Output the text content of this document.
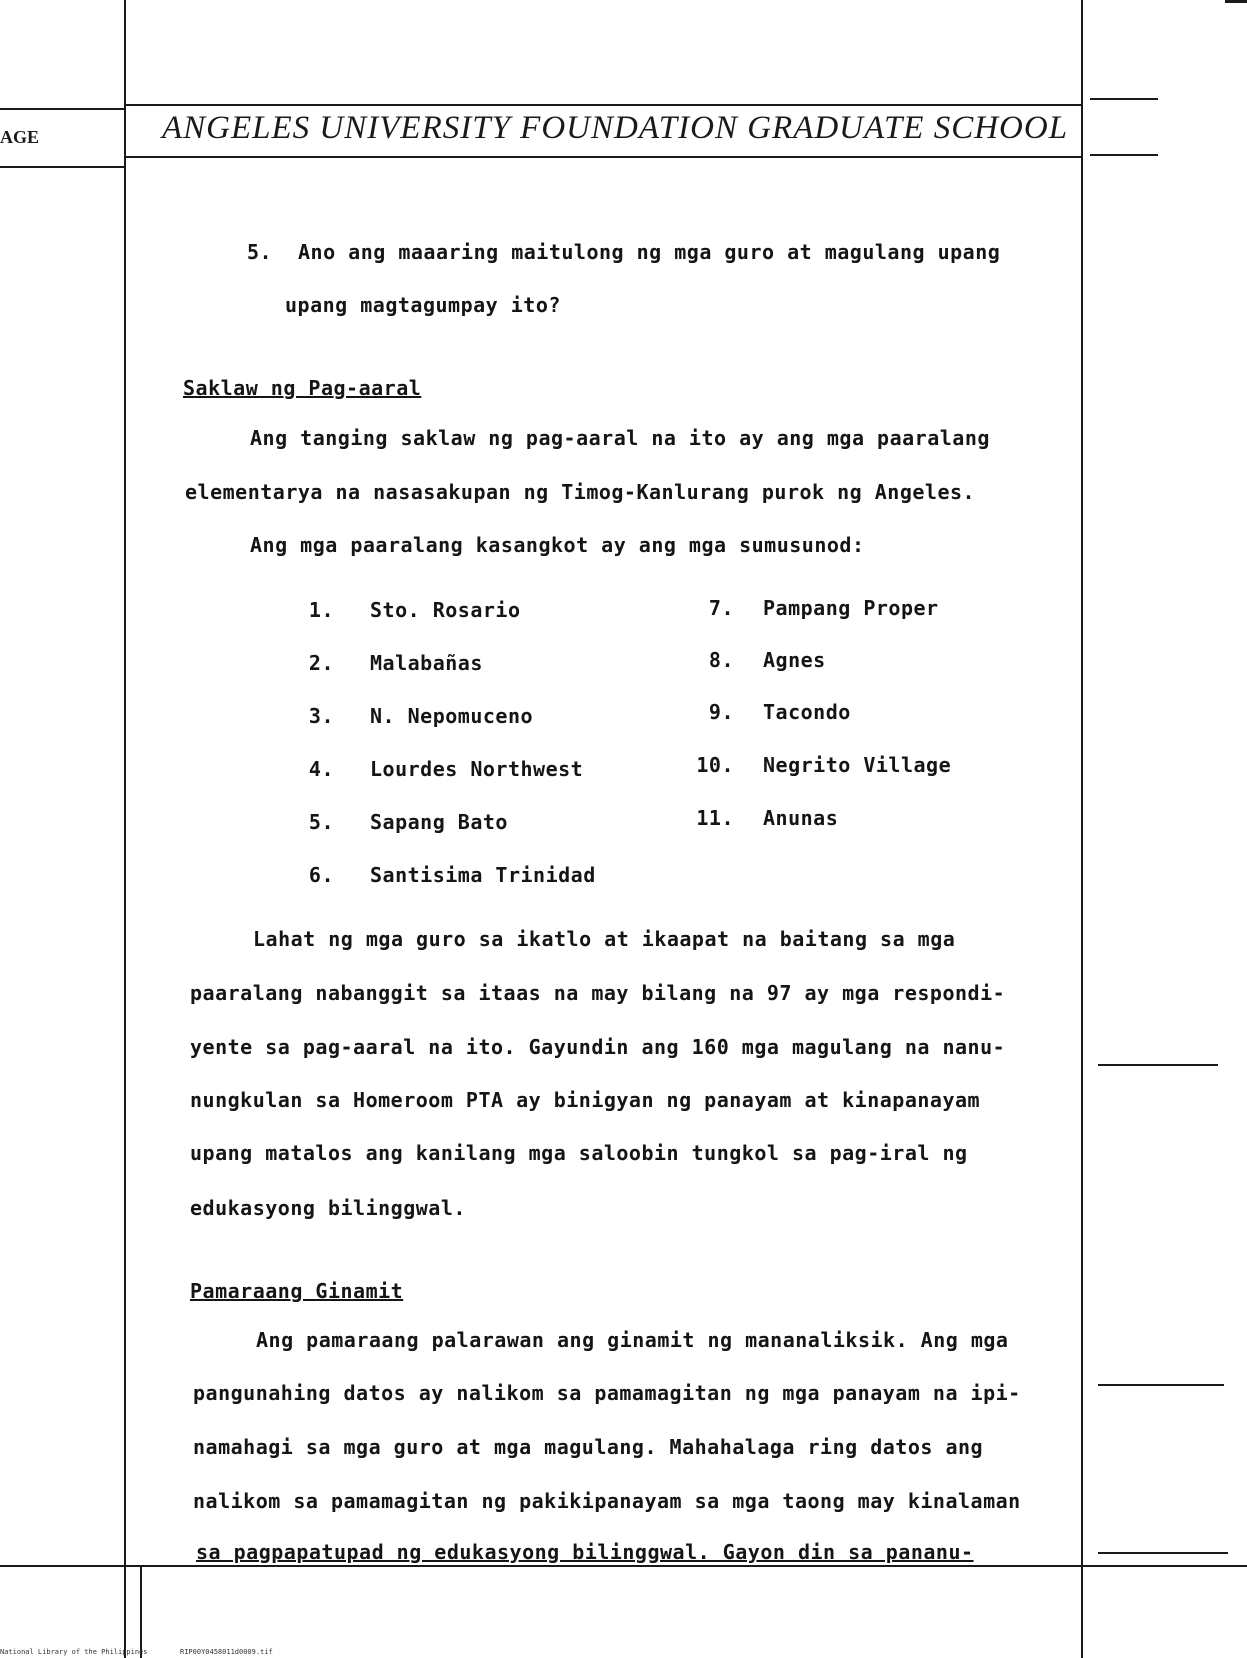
AGE	ANGELES UNIVERSITY FOUNDATION GRADUATE SCHOOL
5. Ano ang maaaring maitulong ng mga guro at magulang upang
upang magtagumpay ito?
Saklaw ng Pag-aaral
Ang tanging saklaw ng pag-aaral na ito ay ang mga paaralang
elementarya na nasasakupan ng Timog-Kanlurang purok ng Angeles.
Ang mga paaralang kasangkot ay ang mga sumusunod:
1. Sto. Rosario
2. Malabañas
3. N. Nepomuceno
4. Lourdes Northwest
5. Sapang Bato
6. Santisima Trinidad
7. Pampang Proper
8. Agnes
9. Tacondo
10. Negrito Village
11. Anunas
Lahat ng mga guro sa ikatlo at ikaapat na baitang sa mga
paaralang nabanggit sa itaas na may bilang na 97 ay mga respondi-
yente sa pag-aaral na ito. Gayundin ang 160 mga magulang na nanu-
nungkulan sa Homeroom PTA ay binigyan ng panayam at kinapanayam
upang matalos ang kanilang mga saloobin tungkol sa pag-iral ng
edukasyong bilinggwal.
Pamaraang Ginamit
Ang pamaraang palarawan ang ginamit ng mananaliksik. Ang mga
pangunahing datos ay nalikom sa pamamagitan ng mga panayam na ipi-
namahagi sa mga guro at mga magulang. Mahahalaga ring datos ang
nalikom sa pamamagitan ng pakikipanayam sa mga taong may kinalaman
sa pagpapatupad ng edukasyong bilinggwal. Gayon din sa pananu-
National Library of the Philippines	RIP00Y0458011d0009.tif
